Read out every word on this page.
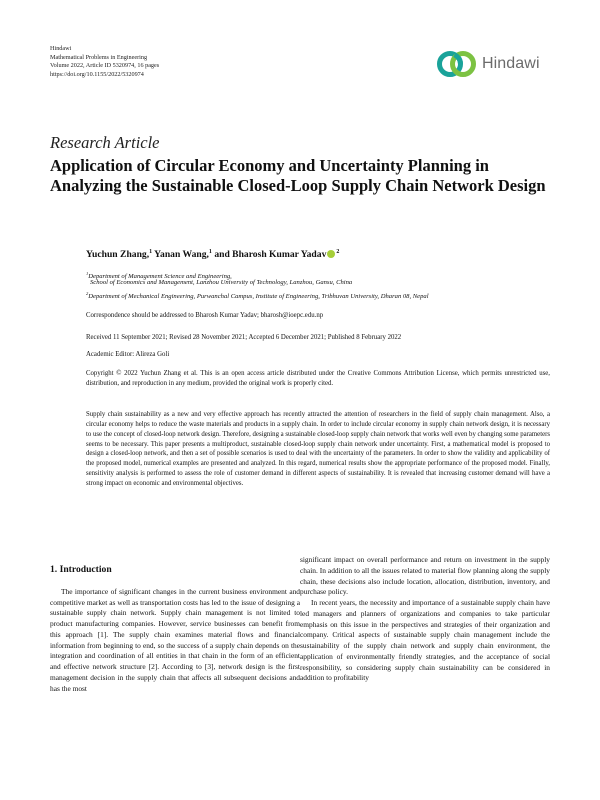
Hindawi
Mathematical Problems in Engineering
Volume 2022, Article ID 5320974, 16 pages
https://doi.org/10.1155/2022/5320974
Hindawi
Research Article
Application of Circular Economy and Uncertainty Planning in Analyzing the Sustainable Closed-Loop Supply Chain Network Design
Yuchun Zhang,$^1$ Yanan Wang,$^1$ and Bharosh Kumar Yadav $^2$
$^1$Department of Management Science and Engineering,
School of Economics and Management, Lanzhou University of Technology, Lanzhou, Gansu, China
$^2$Department of Mechanical Engineering, Purwanchal Campus, Institute of Engineering, Tribhuvan University, Dharan 08, Nepal
Correspondence should be addressed to Bharosh Kumar Yadav; bharosh@ioepc.edu.np
Received 11 September 2021; Revised 28 November 2021; Accepted 6 December 2021; Published 8 February 2022
Academic Editor: Alireza Goli

Copyright © 2022 Yuchun Zhang et al. This is an open access article distributed under the Creative Commons Attribution License, which permits unrestricted use, distribution, and reproduction in any medium, provided the original work is properly cited.

Supply chain sustainability as a new and very effective approach has recently attracted the attention of researchers in the field of supply chain management. Also, a circular economy helps to reduce the waste materials and products in a supply chain. In order to include circular economy in supply chain network design, it is necessary to use the concept of closed-loop network design. Therefore, designing a sustainable closed-loop supply chain network that works well even by changing some parameters seems to be necessary. This paper presents a multiproduct, sustainable closed-loop supply chain network under uncertainty. First, a mathematical model is proposed to design a closed-loop network, and then a set of possible scenarios is used to deal with the uncertainty of the parameters. In order to show the validity and applicability of the proposed model, numerical examples are presented and analyzed. In this regard, numerical results show the appropriate performance of the proposed model. Finally, sensitivity analysis is performed to assess the role of customer demand in different aspects of sustainability. It is revealed that increasing customer demand will have a strong impact on economic and environmental objectives.

1. Introduction

The importance of significant changes in the current business environment and competitive market as well as transportation costs has led to the issue of designing a sustainable supply chain network. Supply chain management is not limited to product manufacturing companies. However, service businesses can benefit from this approach [1]. The supply chain examines material flows and financial information from beginning to end, so the success of a supply chain depends on the integration and coordination of all entities in that chain in the form of an efficient and effective network structure [2]. According to [3], network design is the first management decision in the supply chain that affects all subsequent decisions and has the most

significant impact on overall performance and return on investment in the supply chain. In addition to all the issues related to material flow planning along the supply chain, these decisions also include location, allocation, distribution, inventory, and purchase policy.

In recent years, the necessity and importance of a sustainable supply chain have led managers and planners of organizations and companies to take particular emphasis on this issue in the perspectives and strategies of their organization and company. Critical aspects of sustainable supply chain management include the sustainability of the supply chain network and supply chain environment, the application of environmentally friendly strategies, and the acceptance of social responsibility, so considering supply chain sustainability can be considered in addition to profitability
